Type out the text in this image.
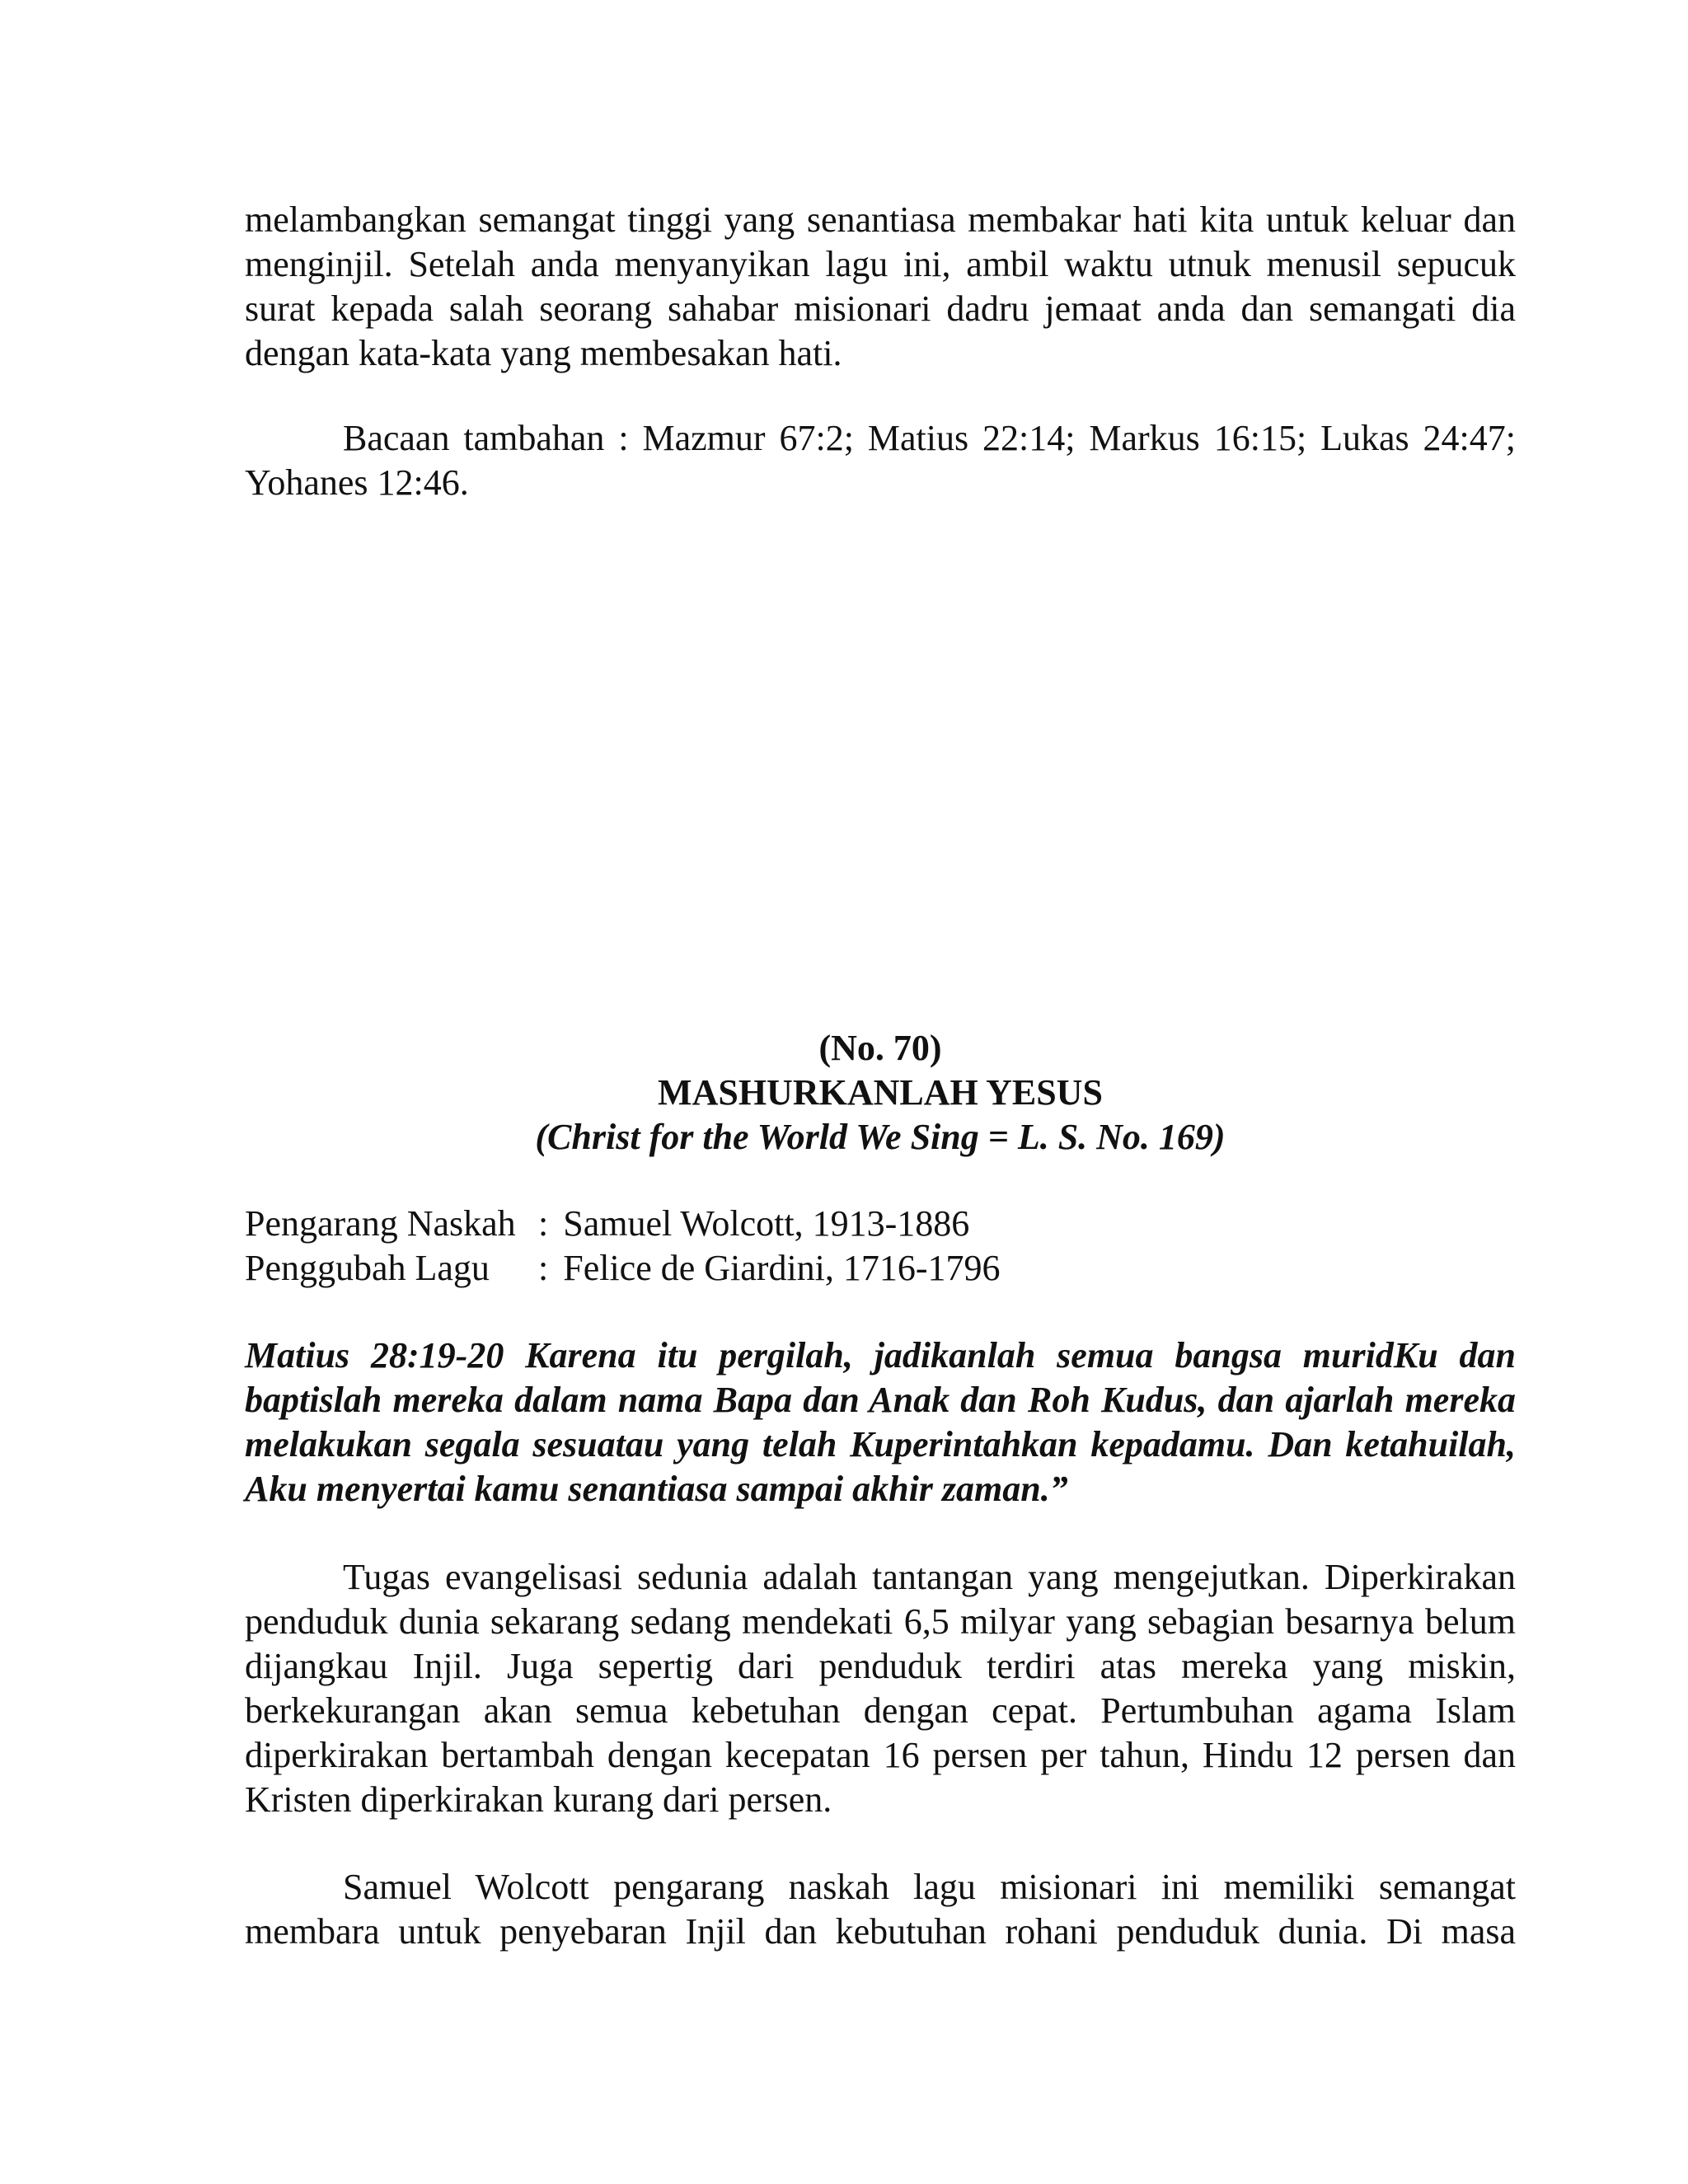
melambangkan semangat tinggi yang senantiasa membakar hati kita untuk keluar dan menginjil. Setelah anda menyanyikan lagu ini, ambil waktu utnuk menusil sepucuk surat kepada salah seorang sahabar misionari dadru jemaat anda dan semangati dia dengan kata-kata yang membesakan hati.

Bacaan tambahan : Mazmur 67:2; Matius 22:14; Markus 16:15; Lukas 24:47; Yohanes 12:46.

(No. 70)
MASHURKANLAH YESUS
(Christ for the World We Sing = L. S. No. 169)
Pengarang Naskah : Samuel Wolcott, 1913-1886
Penggubah Lagu	: Felice de Giardini, 1716-1796

Matius 28:19-20 Karena itu pergilah, jadikanlah semua bangsa muridKu dan baptislah mereka dalam nama Bapa dan Anak dan Roh Kudus, dan ajarlah mereka melakukan segala sesuatau yang telah Kuperintahkan kepadamu. Dan ketahuilah, Aku menyertai kamu senantiasa sampai akhir zaman.”

Tugas evangelisasi sedunia adalah tantangan yang mengejutkan. Diperkirakan penduduk dunia sekarang sedang mendekati 6,5 milyar yang sebagian besarnya belum dijangkau Injil. Juga sepertig dari penduduk terdiri atas mereka yang miskin, berkekurangan akan semua kebetuhan dengan cepat. Pertumbuhan agama Islam diperkirakan bertambah dengan kecepatan 16 persen per tahun, Hindu 12 persen dan Kristen diperkirakan kurang dari persen.

Samuel Wolcott pengarang naskah lagu misionari ini memiliki semangat membara untuk penyebaran Injil dan kebutuhan rohani penduduk dunia. Di masa
